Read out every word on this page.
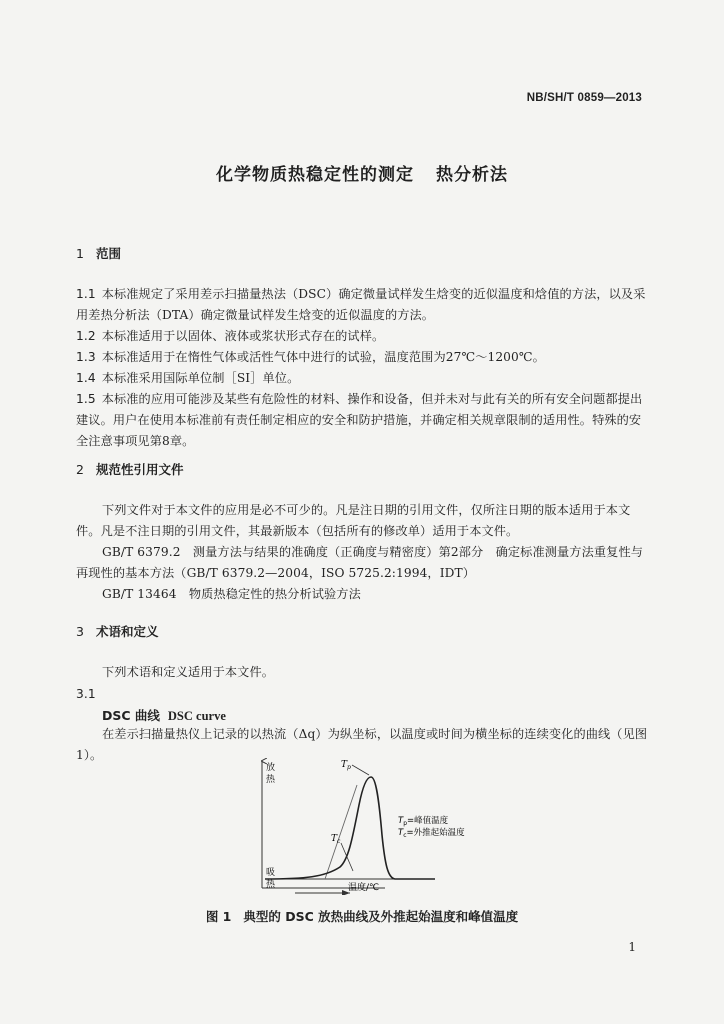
NB/SH/T 0859—2013
化学物质热稳定性的测定 热分析法
1 范围
1.1 本标准规定了采用差示扫描量热法（DSC）确定微量试样发生焓变的近似温度和焓值的方法，以及采用差热分析法（DTA）确定微量试样发生焓变的近似温度的方法。
1.2 本标准适用于以固体、液体或浆状形式存在的试样。
1.3 本标准适用于在惰性气体或活性气体中进行的试验，温度范围为27℃～1200℃。
1.4 本标准采用国际单位制［SI］单位。
1.5 本标准的应用可能涉及某些有危险性的材料、操作和设备，但并未对与此有关的所有安全问题都提出建议。用户在使用本标准前有责任制定相应的安全和防护措施，并确定相关规章限制的适用性。特殊的安全注意事项见第8章。
2 规范性引用文件
下列文件对于本文件的应用是必不可少的。凡是注日期的引用文件，仅所注日期的版本适用于本文件。凡是不注日期的引用文件，其最新版本（包括所有的修改单）适用于本文件。
GB/T 6379.2　测量方法与结果的准确度（正确度与精密度）第2部分　确定标准测量方法重复性与再现性的基本方法（GB/T 6379.2—2004，ISO 5725.2:1994，IDT）
GB/T 13464　物质热稳定性的热分析试验方法
3 术语和定义
下列术语和定义适用于本文件。
3.1
DSC 曲线 DSC curve
在差示扫描量热仪上记录的以热流（Δq）为纵坐标，以温度或时间为横坐标的连续变化的曲线（见图1）。
放
热
吸
热	温度/℃
$T_p$
$T_c$
$T_p=$峰值温度
$T_c=$外推起始温度
图 1 典型的 DSC 放热曲线及外推起始温度和峰值温度
1
